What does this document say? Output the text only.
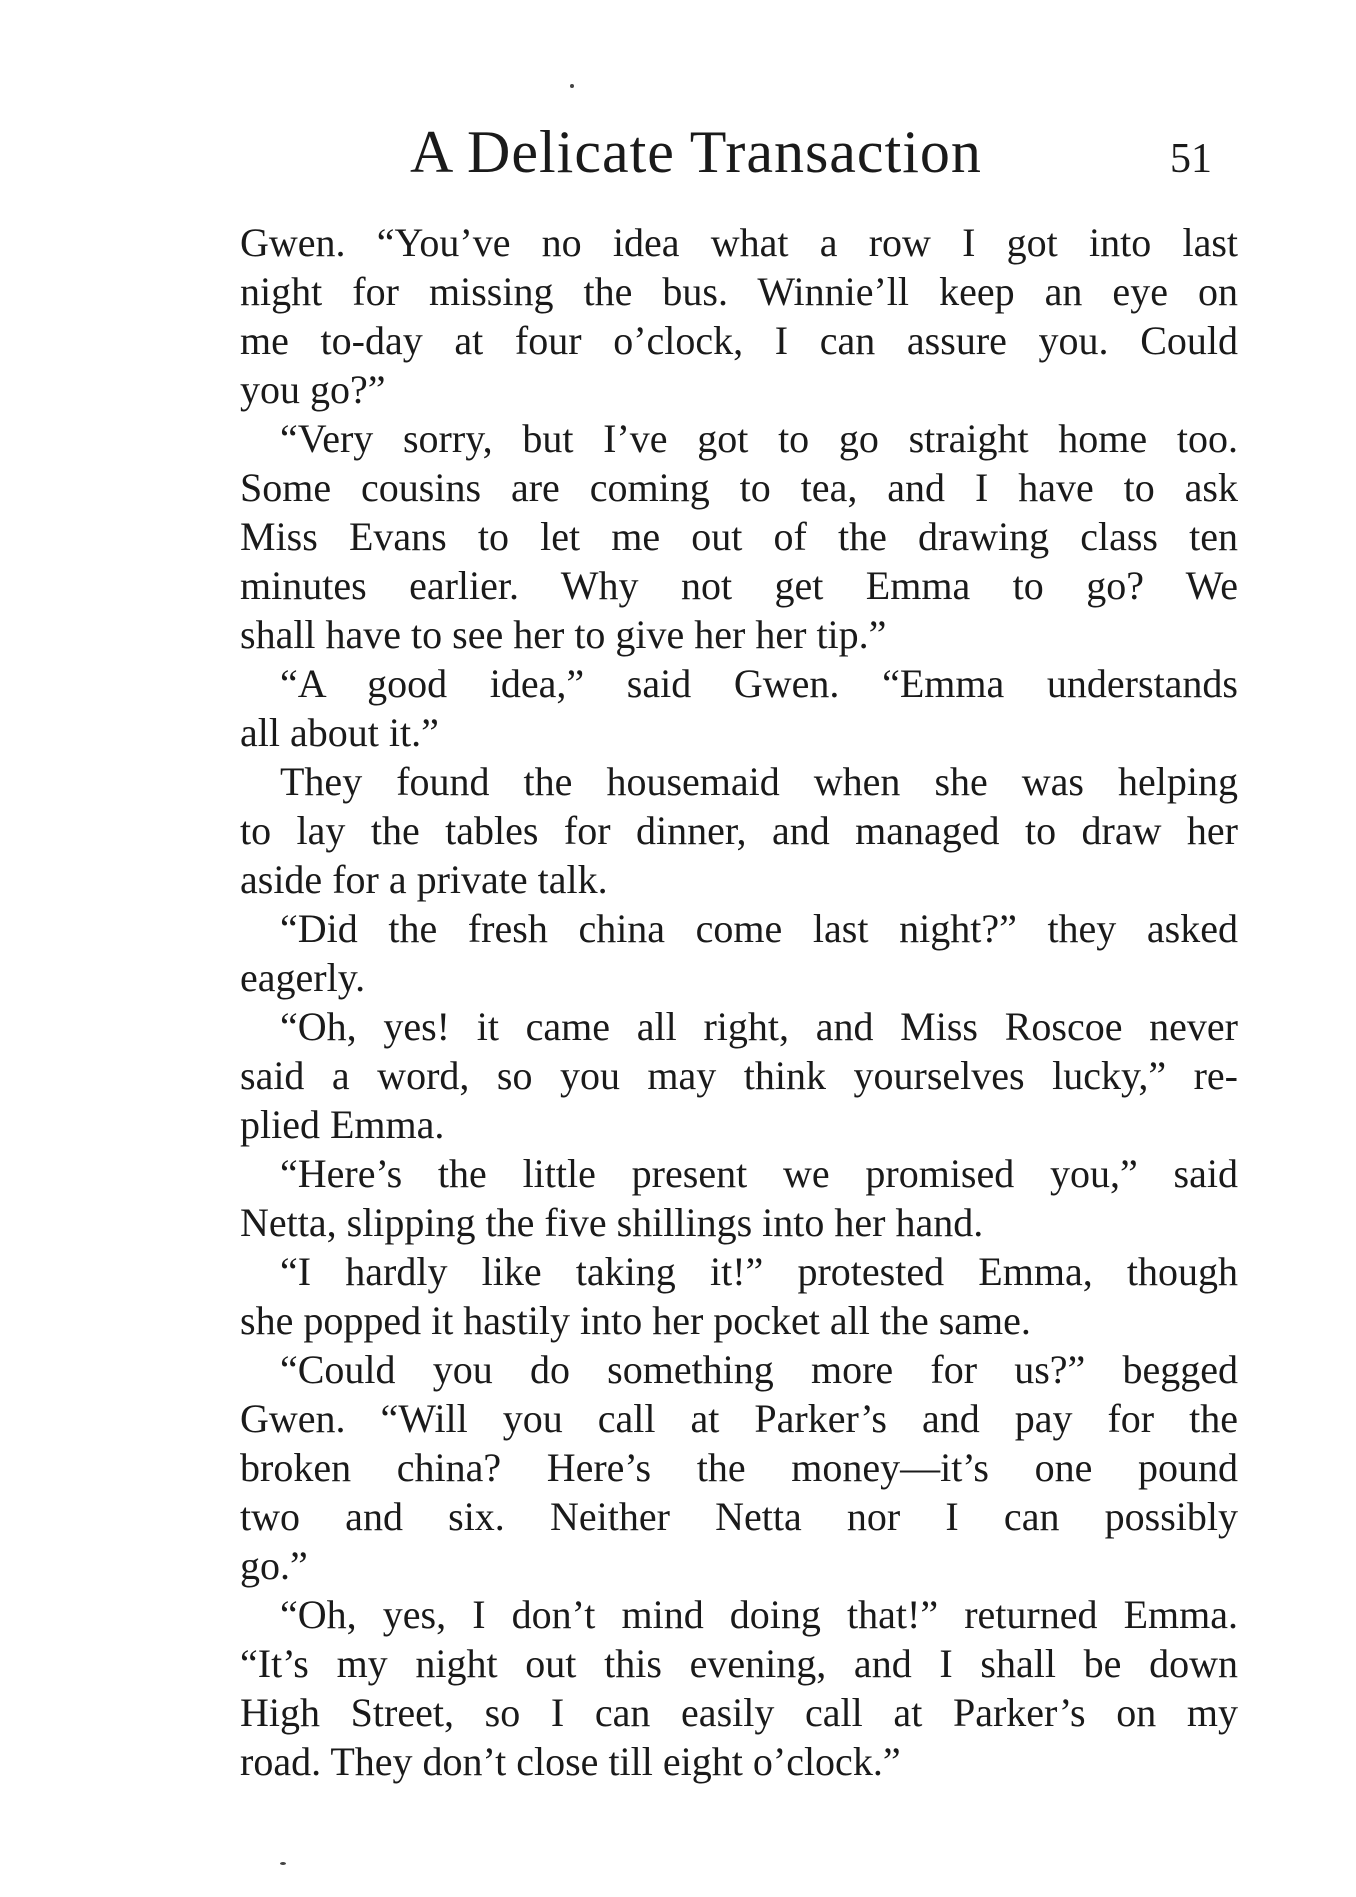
A Delicate Transaction	51
Gwen. “You’ve no idea what a row I got into last
night for missing the bus. Winnie’ll keep an eye on
me to-day at four o’clock, I can assure you. Could
you go?”
“Very sorry, but I’ve got to go straight home too.
Some cousins are coming to tea, and I have to ask
Miss Evans to let me out of the drawing class ten
minutes earlier. Why not get Emma to go? We
shall have to see her to give her her tip.”
“A good idea,” said Gwen. “Emma understands
all about it.”
They found the housemaid when she was helping
to lay the tables for dinner, and managed to draw her
aside for a private talk.
“Did the fresh china come last night?” they asked
eagerly.
“Oh, yes! it came all right, and Miss Roscoe never
said a word, so you may think yourselves lucky,” re-
plied Emma.
“Here’s the little present we promised you,” said
Netta, slipping the five shillings into her hand.
“I hardly like taking it!” protested Emma, though
she popped it hastily into her pocket all the same.
“Could you do something more for us?” begged
Gwen. “Will you call at Parker’s and pay for the
broken china? Here’s the money—it’s one pound
two and six. Neither Netta nor I can possibly
go.”
“Oh, yes, I don’t mind doing that!” returned Emma.
“It’s my night out this evening, and I shall be down
High Street, so I can easily call at Parker’s on my
road. They don’t close till eight o’clock.”
